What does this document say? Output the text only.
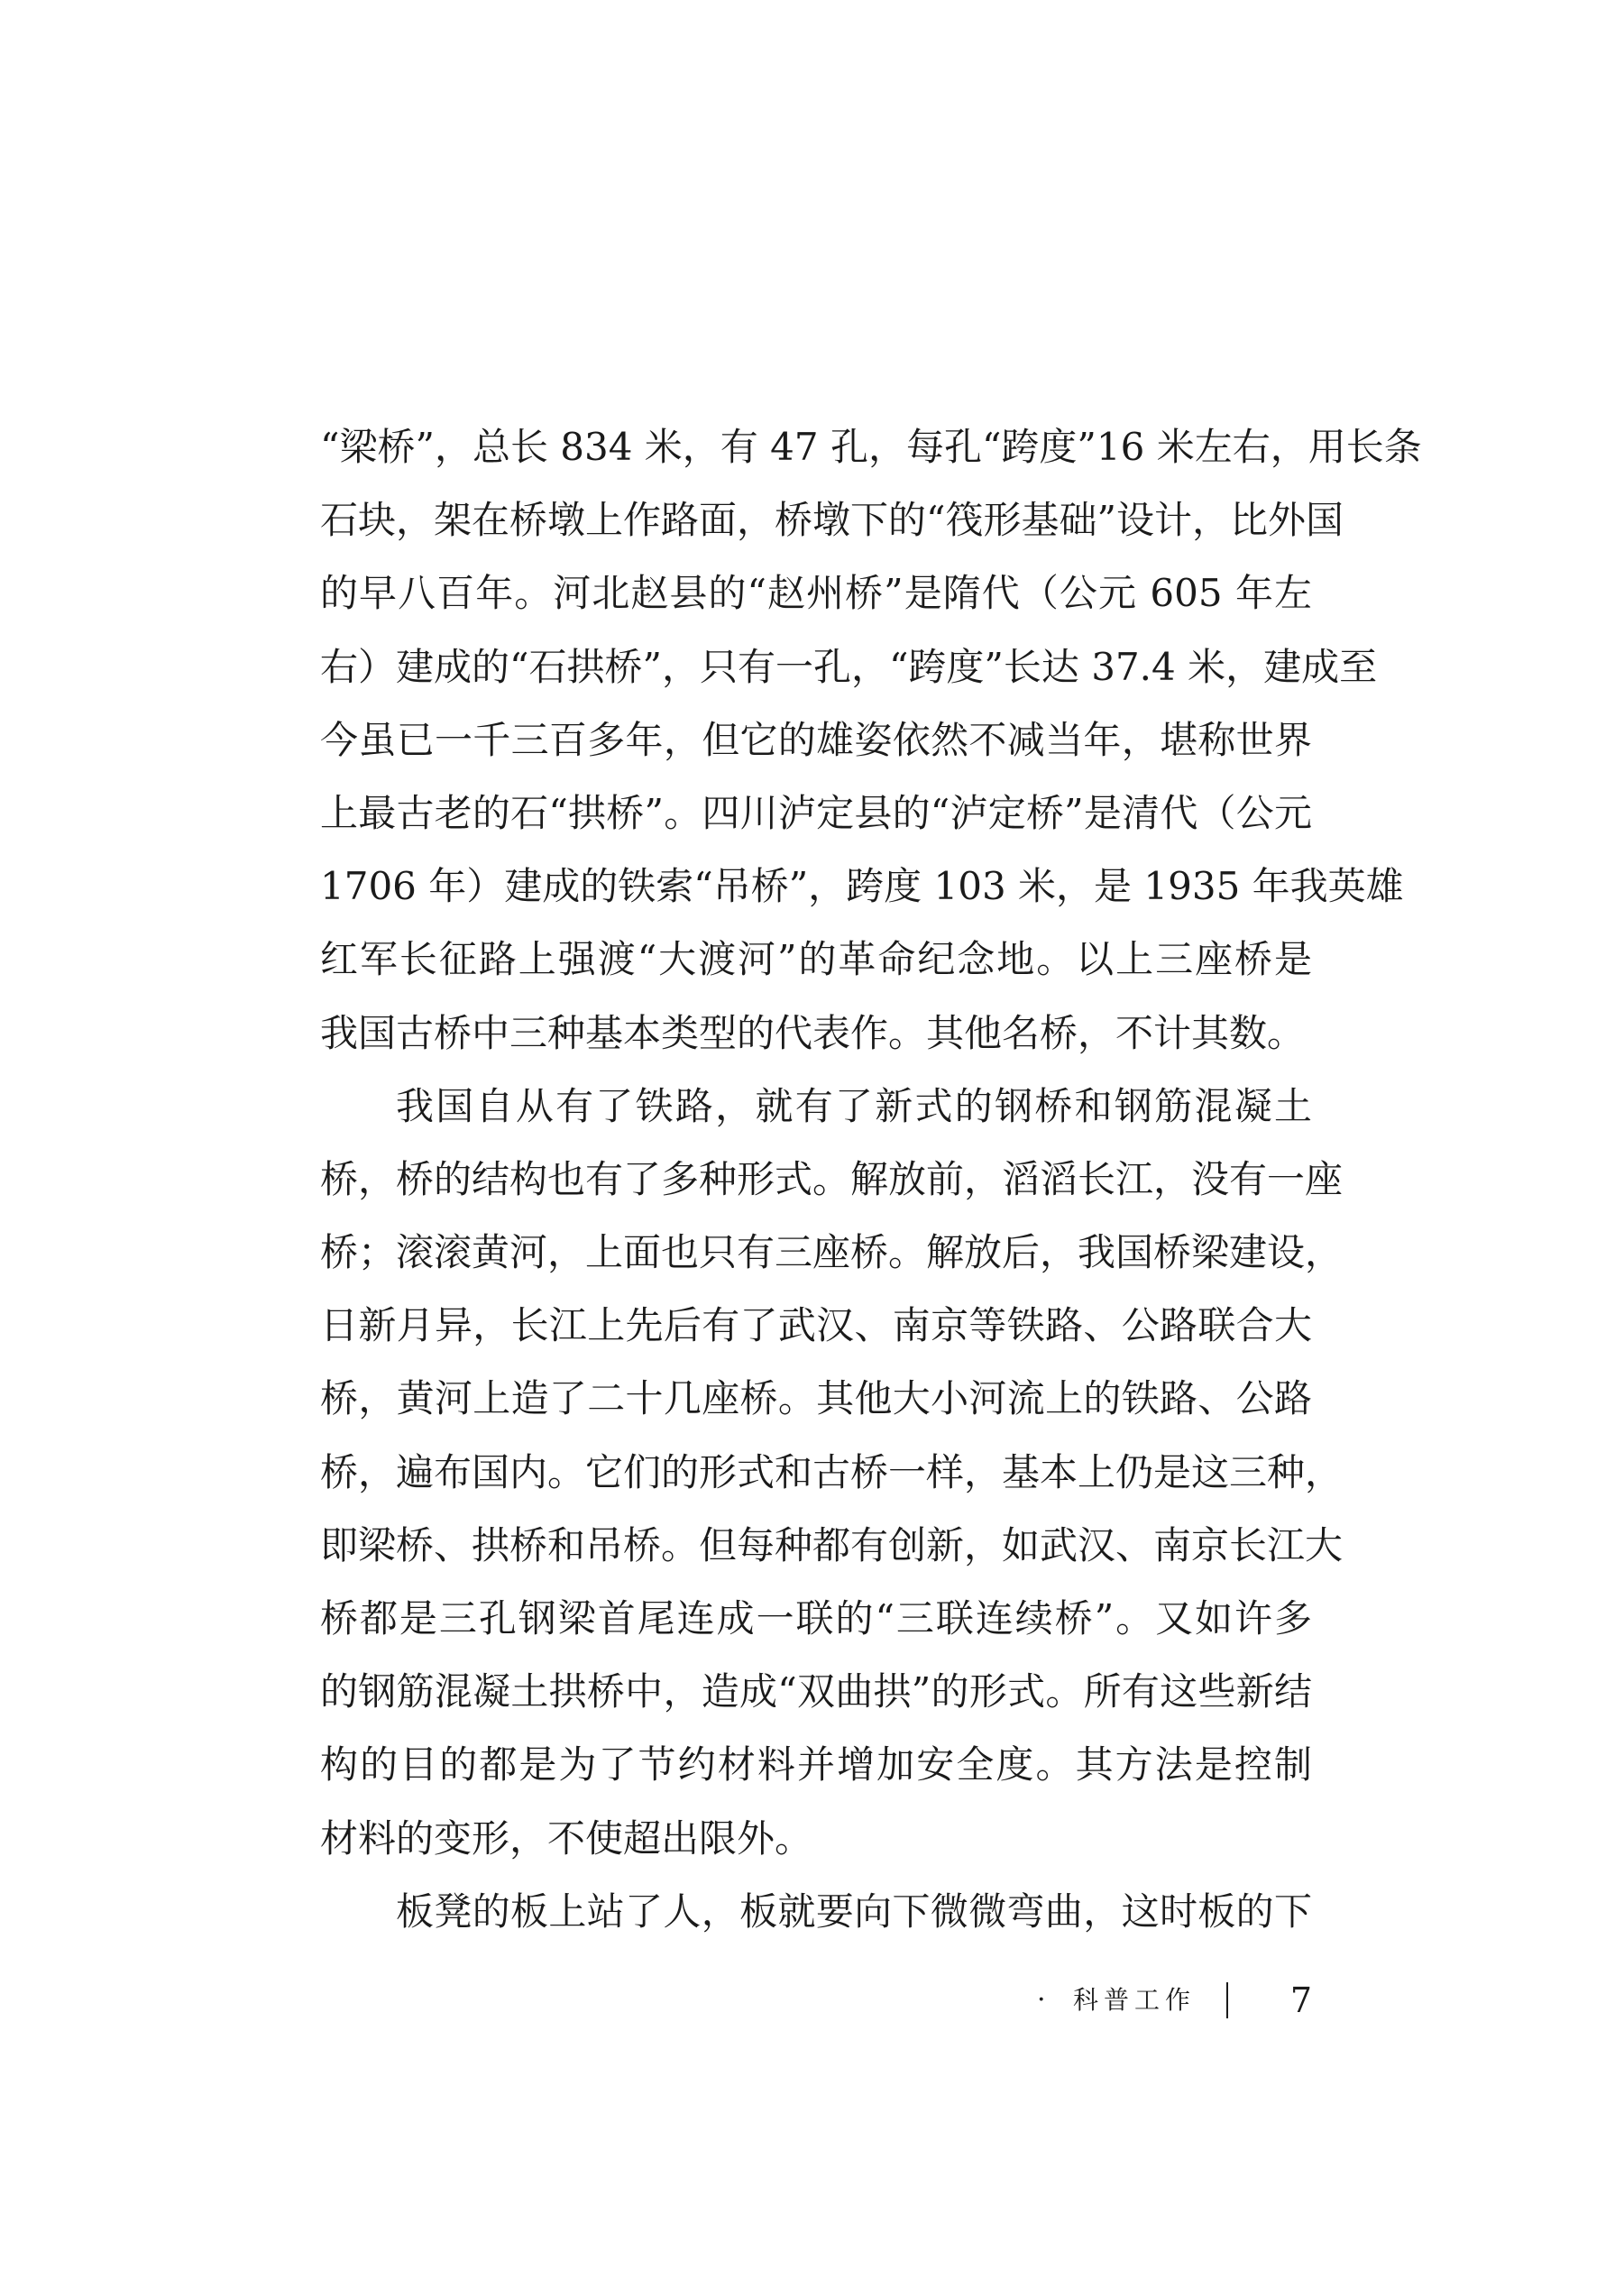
“梁桥”，总长 834 米，有 47 孔，每孔“跨度”16 米左右，用长条
石块，架在桥墩上作路面，桥墩下的“筏形基础”设计，比外国
的早八百年。河北赵县的“赵州桥”是隋代（公元 605 年左
右）建成的“石拱桥”，只有一孔，“跨度”长达 37.4 米，建成至
今虽已一千三百多年，但它的雄姿依然不减当年，堪称世界
上最古老的石“拱桥”。四川泸定县的“泸定桥”是清代（公元
1706 年）建成的铁索“吊桥”，跨度 103 米，是 1935 年我英雄
红军长征路上强渡“大渡河”的革命纪念地。以上三座桥是
我国古桥中三种基本类型的代表作。其他名桥，不计其数。
我国自从有了铁路，就有了新式的钢桥和钢筋混凝土
桥，桥的结构也有了多种形式。解放前，滔滔长江，没有一座
桥；滚滚黄河，上面也只有三座桥。解放后，我国桥梁建设，
日新月异，长江上先后有了武汉、南京等铁路、公路联合大
桥，黄河上造了二十几座桥。其他大小河流上的铁路、公路
桥，遍布国内。它们的形式和古桥一样，基本上仍是这三种，
即梁桥、拱桥和吊桥。但每种都有创新，如武汉、南京长江大
桥都是三孔钢梁首尾连成一联的“三联连续桥”。又如许多
的钢筋混凝土拱桥中，造成“双曲拱”的形式。所有这些新结
构的目的都是为了节约材料并增加安全度。其方法是控制
材料的变形，不使超出限外。
板凳的板上站了人，板就要向下微微弯曲，这时板的下
· 科普工作	7
